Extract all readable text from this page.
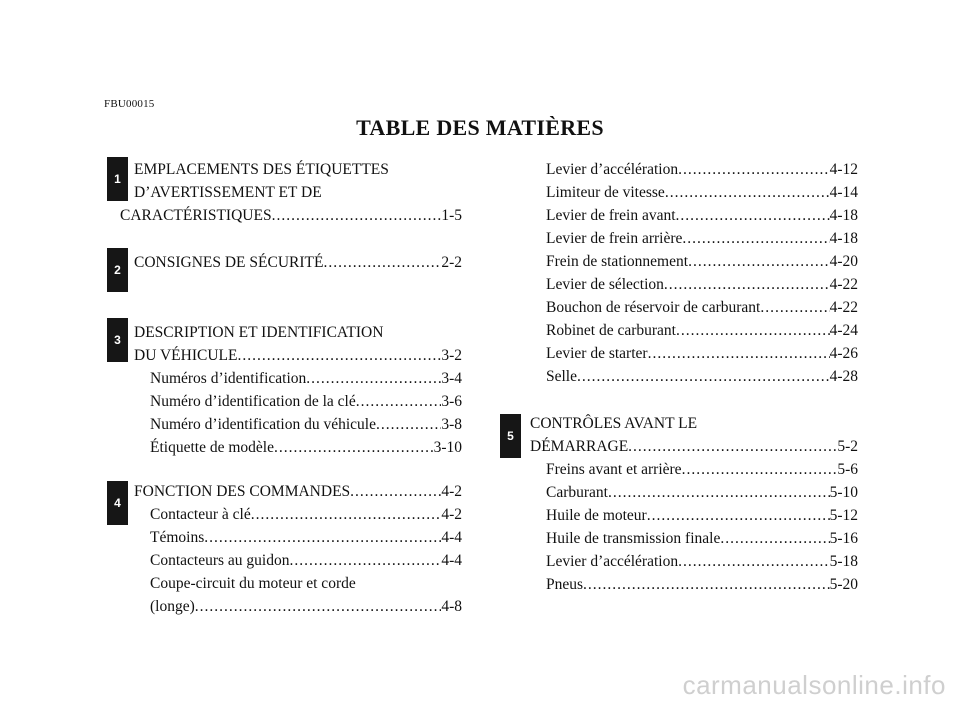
FBU00015
TABLE DES MATIÈRES
1
2
3
4
5
EMPLACEMENTS DES ÉTIQUETTES
D’AVERTISSEMENT ET DE
CARACTÉRISTIQUES .....	1-5
CONSIGNES DE SÉCURITÉ .....	2-2
DESCRIPTION ET IDENTIFICATION
DU VÉHICULE .....	3-2
Numéros d’identification .....	3-4
Numéro d’identification de la clé .....	3-6
Numéro d’identification du véhicule .....	3-8
Étiquette de modèle .....	3-10
FONCTION DES COMMANDES .....	4-2
Contacteur à clé .....	4-2
Témoins .....	4-4
Contacteurs au guidon .....	4-4
Coupe-circuit du moteur et corde
(longe) .....	4-8
Levier d’accélération .....	4-12
Limiteur de vitesse .....	4-14
Levier de frein avant .....	4-18
Levier de frein arrière .....	4-18
Frein de stationnement .....	4-20
Levier de sélection .....	4-22
Bouchon de réservoir de carburant .....	4-22
Robinet de carburant .....	4-24
Levier de starter .....	4-26
Selle .....	4-28
CONTRÔLES AVANT LE
DÉMARRAGE .....	5-2
Freins avant et arrière .....	5-6
Carburant .....	5-10
Huile de moteur .....	5-12
Huile de transmission finale .....	5-16
Levier d’accélération .....	5-18
Pneus .....	5-20
carmanualsonline.info
